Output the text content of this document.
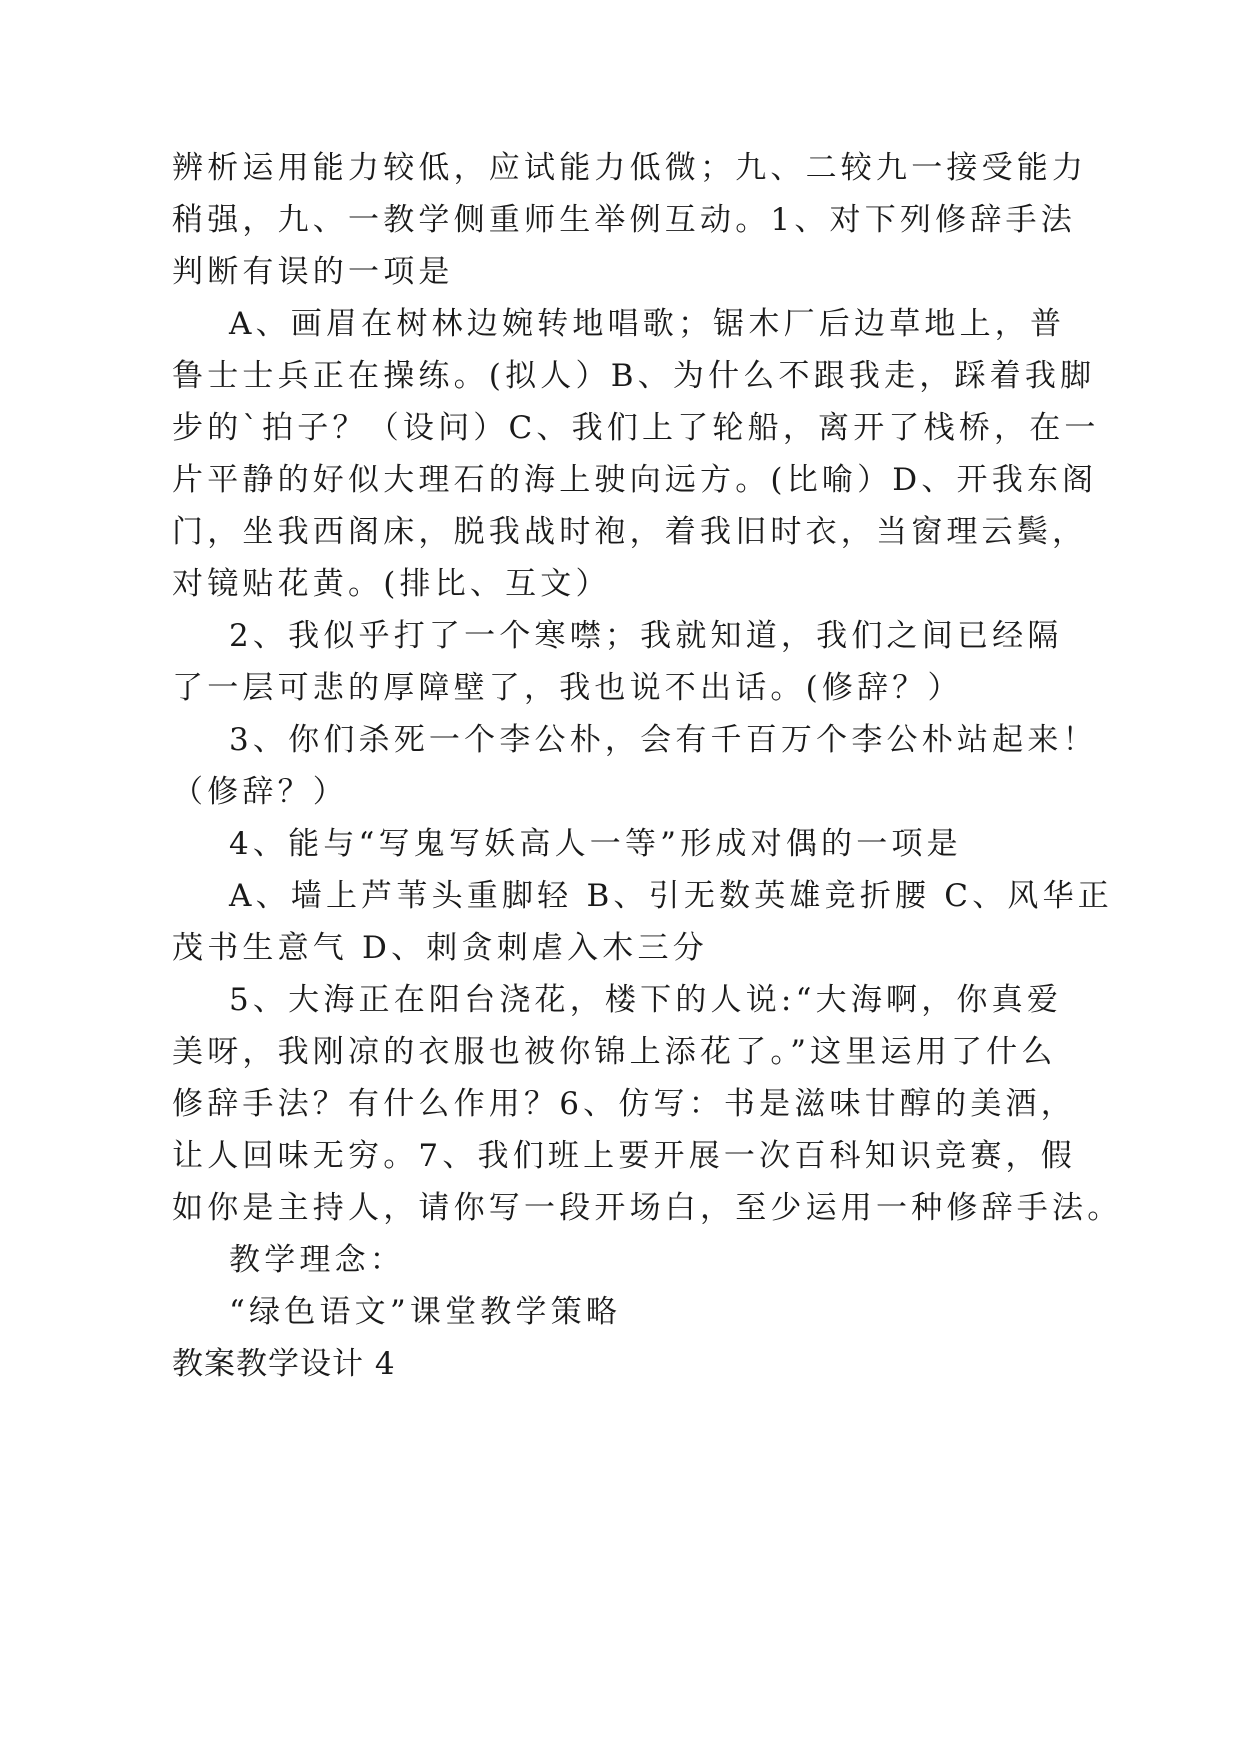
辨析运用能力较低，应试能力低微；九、二较九一接受能力
稍强，九、一教学侧重师生举例互动。1、对下列修辞手法
判断有误的一项是
A、画眉在树林边婉转地唱歌；锯木厂后边草地上，普
鲁士士兵正在操练。(拟人）B、为什么不跟我走，踩着我脚
步的`拍子？（设问）C、我们上了轮船，离开了栈桥，在一
片平静的好似大理石的海上驶向远方。(比喻）D、开我东阁
门，坐我西阁床，脱我战时袍，着我旧时衣，当窗理云鬓，
对镜贴花黄。(排比、互文）
2、我似乎打了一个寒噤；我就知道，我们之间已经隔
了一层可悲的厚障壁了，我也说不出话。(修辞？）
3、你们杀死一个李公朴，会有千百万个李公朴站起来！
（修辞？）
4、能与“写鬼写妖高人一等”形成对偶的一项是
A、墙上芦苇头重脚轻 B、引无数英雄竞折腰 C、风华正
茂书生意气 D、刺贪刺虐入木三分
5、大海正在阳台浇花，楼下的人说:“大海啊，你真爱
美呀，我刚凉的衣服也被你锦上添花了。”这里运用了什么
修辞手法？有什么作用？6、仿写：书是滋味甘醇的美酒，
让人回味无穷。7、我们班上要开展一次百科知识竞赛，假
如你是主持人，请你写一段开场白，至少运用一种修辞手法。
教学理念：
“绿色语文”课堂教学策略
教案教学设计 4
